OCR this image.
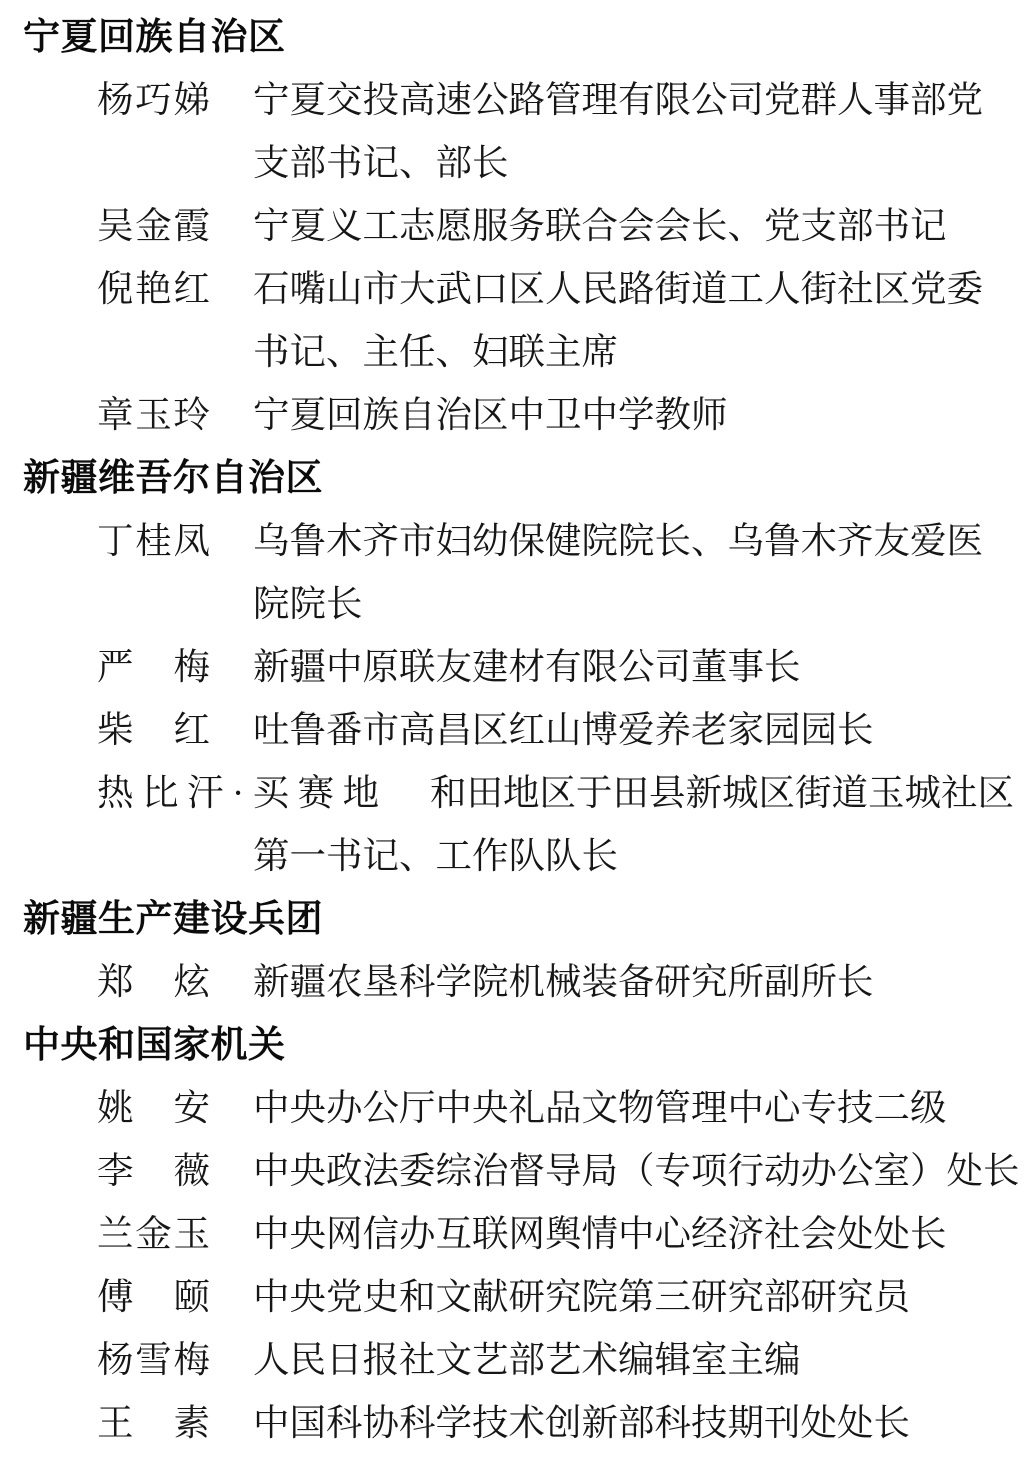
宁夏回族自治区
杨巧娣 宁夏交投高速公路管理有限公司党群人事部党
支部书记、部长
吴金霞 宁夏义工志愿服务联合会会长、党支部书记
倪艳红 石嘴山市大武口区人民路街道工人街社区党委
书记、主任、妇联主席
章玉玲 宁夏回族自治区中卫中学教师
新疆维吾尔自治区
丁桂凤 乌鲁木齐市妇幼保健院院长、乌鲁木齐友爱医
院院长
严梅 新疆中原联友建材有限公司董事长
柴红 吐鲁番市高昌区红山博爱养老家园园长
热比汗·买赛地	和田地区于田县新城区街道玉城社区
第一书记、工作队队长
新疆生产建设兵团
郑炫 新疆农垦科学院机械装备研究所副所长
中央和国家机关
姚安 中央办公厅中央礼品文物管理中心专技二级
李薇 中央政法委综治督导局（专项行动办公室）处长
兰金玉 中央网信办互联网舆情中心经济社会处处长
傅颐 中央党史和文献研究院第三研究部研究员
杨雪梅 人民日报社文艺部艺术编辑室主编
王素 中国科协科学技术创新部科技期刊处处长
